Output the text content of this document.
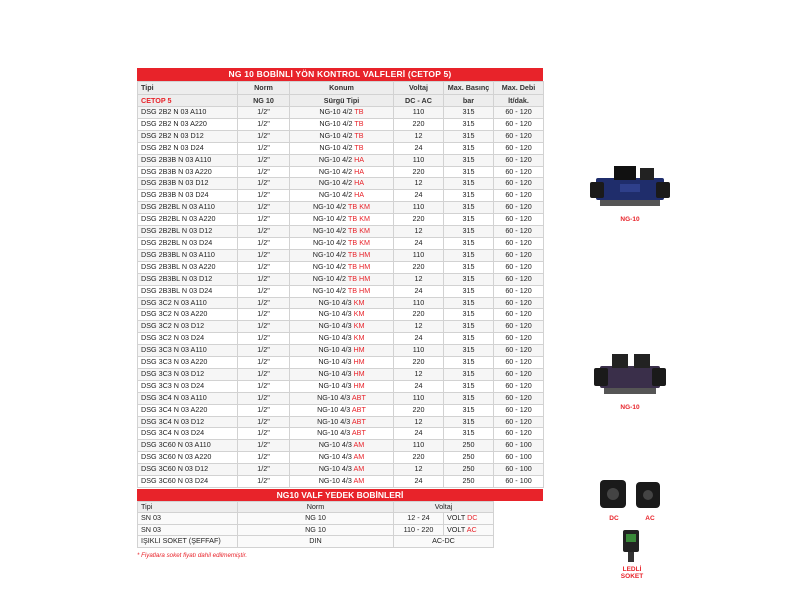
NG 10 BOBİNLİ YÖN KONTROL VALFLERİ (CETOP 5)
Tipi	Norm	Konum	Voltaj	Max. Basınç	Max. Debi
CETOP 5	NG 10	Sürgü Tipi	DC - AC	bar	lt/dak.
DSG 2B2 N 03 A110	1/2"	NG-10 4/2 TB	110	315	60 - 120
DSG 2B2 N 03 A220	1/2"	NG-10 4/2 TB	220	315	60 - 120
DSG 2B2 N 03 D12	1/2"	NG-10 4/2 TB	12	315	60 - 120
DSG 2B2 N 03 D24	1/2"	NG-10 4/2 TB	24	315	60 - 120
DSG 2B3B N 03 A110	1/2"	NG-10 4/2 HA	110	315	60 - 120
DSG 2B3B N 03 A220	1/2"	NG-10 4/2 HA	220	315	60 - 120
DSG 2B3B N 03 D12	1/2"	NG-10 4/2 HA	12	315	60 - 120
DSG 2B3B N 03 D24	1/2"	NG-10 4/2 HA	24	315	60 - 120
DSG 2B2BL N 03 A110	1/2"	NG-10 4/2 TB KM	110	315	60 - 120
DSG 2B2BL N 03 A220	1/2"	NG-10 4/2 TB KM	220	315	60 - 120
DSG 2B2BL N 03 D12	1/2"	NG-10 4/2 TB KM	12	315	60 - 120
DSG 2B2BL N 03 D24	1/2"	NG-10 4/2 TB KM	24	315	60 - 120
DSG 2B3BL N 03 A110	1/2"	NG-10 4/2 TB HM	110	315	60 - 120
DSG 2B3BL N 03 A220	1/2"	NG-10 4/2 TB HM	220	315	60 - 120
DSG 2B3BL N 03 D12	1/2"	NG-10 4/2 TB HM	12	315	60 - 120
DSG 2B3BL N 03 D24	1/2"	NG-10 4/2 TB HM	24	315	60 - 120
DSG 3C2 N 03 A110	1/2"	NG-10 4/3 KM	110	315	60 - 120
DSG 3C2 N 03 A220	1/2"	NG-10 4/3 KM	220	315	60 - 120
DSG 3C2 N 03 D12	1/2"	NG-10 4/3 KM	12	315	60 - 120
DSG 3C2 N 03 D24	1/2"	NG-10 4/3 KM	24	315	60 - 120
DSG 3C3 N 03 A110	1/2"	NG-10 4/3 HM	110	315	60 - 120
DSG 3C3 N 03 A220	1/2"	NG-10 4/3 HM	220	315	60 - 120
DSG 3C3 N 03 D12	1/2"	NG-10 4/3 HM	12	315	60 - 120
DSG 3C3 N 03 D24	1/2"	NG-10 4/3 HM	24	315	60 - 120
DSG 3C4 N 03 A110	1/2"	NG-10 4/3 ABT	110	315	60 - 120
DSG 3C4 N 03 A220	1/2"	NG-10 4/3 ABT	220	315	60 - 120
DSG 3C4 N 03 D12	1/2"	NG-10 4/3 ABT	12	315	60 - 120
DSG 3C4 N 03 D24	1/2"	NG-10 4/3 ABT	24	315	60 - 120
DSG 3C60 N 03 A110	1/2"	NG-10 4/3 AM	110	250	60 - 100
DSG 3C60 N 03 A220	1/2"	NG-10 4/3 AM	220	250	60 - 100
DSG 3C60 N 03 D12	1/2"	NG-10 4/3 AM	12	250	60 - 100
DSG 3C60 N 03 D24	1/2"	NG-10 4/3 AM	24	250	60 - 100
NG10 VALF YEDEK BOBİNLERİ
Tipi	Norm	Voltaj		
SN 03	NG 10	12 - 24	VOLT DC	
SN 03	NG 10	110 - 220	VOLT AC	
IŞIKLI SOKET (ŞEFFAF)	DIN	AC-DC		
* Fiyatlara soket fiyatı dahil edilmemiştir.
NG-10
NG-10
DC	AC
LEDLİ SOKET
